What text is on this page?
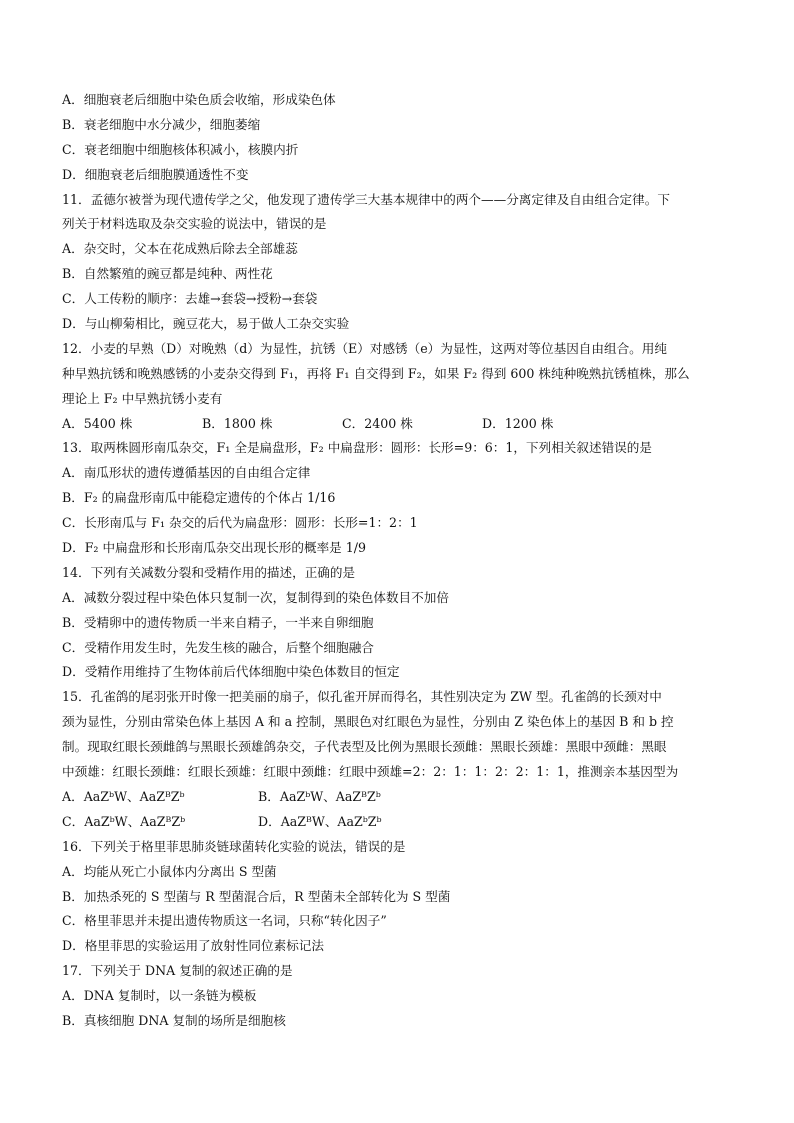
A．细胞衰老后细胞中染色质会收缩，形成染色体
B．衰老细胞中水分减少，细胞萎缩
C．衰老细胞中细胞核体积减小，核膜内折
D．细胞衰老后细胞膜通透性不变
11．孟德尔被誉为现代遗传学之父，他发现了遗传学三大基本规律中的两个——分离定律及自由组合定律。下
列关于材料选取及杂交实验的说法中，错误的是
A．杂交时，父本在花成熟后除去全部雄蕊
B．自然繁殖的豌豆都是纯种、两性花
C．人工传粉的顺序：去雄→套袋→授粉→套袋
D．与山柳菊相比，豌豆花大，易于做人工杂交实验
12．小麦的早熟（D）对晚熟（d）为显性，抗锈（E）对感锈（e）为显性，这两对等位基因自由组合。用纯
种早熟抗锈和晚熟感锈的小麦杂交得到 F₁，再将 F₁ 自交得到 F₂，如果 F₂ 得到 600 株纯种晚熟抗锈植株，那么
理论上 F₂ 中早熟抗锈小麦有
A．5400 株	B．1800 株	C．2400 株	D．1200 株
13．取两株圆形南瓜杂交，F₁ 全是扁盘形，F₂ 中扁盘形：圆形：长形=9：6：1，下列相关叙述错误的是
A．南瓜形状的遗传遵循基因的自由组合定律
B．F₂ 的扁盘形南瓜中能稳定遗传的个体占 1/16
C．长形南瓜与 F₁ 杂交的后代为扁盘形：圆形：长形=1：2：1
D．F₂ 中扁盘形和长形南瓜杂交出现长形的概率是 1/9
14．下列有关减数分裂和受精作用的描述，正确的是
A．减数分裂过程中染色体只复制一次，复制得到的染色体数目不加倍
B．受精卵中的遗传物质一半来自精子，一半来自卵细胞
C．受精作用发生时，先发生核的融合，后整个细胞融合
D．受精作用维持了生物体前后代体细胞中染色体数目的恒定
15．孔雀鸽的尾羽张开时像一把美丽的扇子，似孔雀开屏而得名，其性别决定为 ZW 型。孔雀鸽的长颈对中
颈为显性，分别由常染色体上基因 A 和 a 控制，黑眼色对红眼色为显性，分别由 Z 染色体上的基因 B 和 b 控
制。现取红眼长颈雌鸽与黑眼长颈雄鸽杂交，子代表型及比例为黑眼长颈雌：黑眼长颈雄：黑眼中颈雌：黑眼
中颈雄：红眼长颈雌：红眼长颈雄：红眼中颈雌：红眼中颈雄=2：2：1：1：2：2：1：1，推测亲本基因型为
A．AaZᵇW、AaZᴮZᵇ	B．AaZᵇW、AaZᴮZᵇ
C．AaZᵇW、AaZᴮZᵇ	D．AaZᴮW、AaZᵇZᵇ
16．下列关于格里菲思肺炎链球菌转化实验的说法，错误的是
A．均能从死亡小鼠体内分离出 S 型菌
B．加热杀死的 S 型菌与 R 型菌混合后，R 型菌未全部转化为 S 型菌
C．格里菲思并未提出遗传物质这一名词，只称“转化因子”
D．格里菲思的实验运用了放射性同位素标记法
17．下列关于 DNA 复制的叙述正确的是
A．DNA 复制时，以一条链为模板
B．真核细胞 DNA 复制的场所是细胞核
